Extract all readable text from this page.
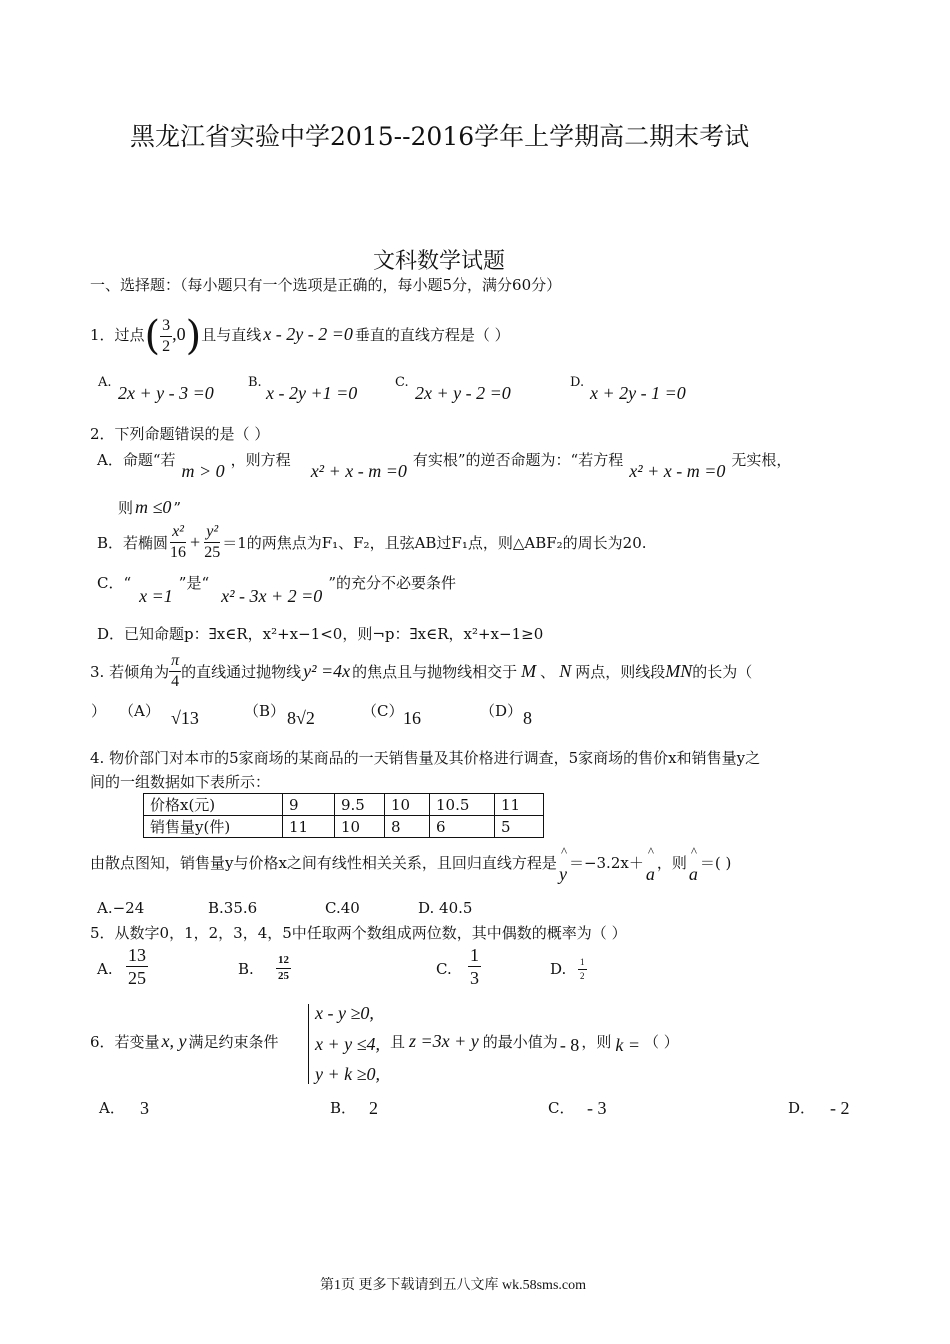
黑龙江省实验中学2015--2016学年上学期高二期末考试
文科数学试题
一、选择题：（每小题只有一个选项是正确的，每小题5分，满分60分）
1．过点( $\frac{3}{2} ,0$)且与直线 x - 2y - 2 =0 垂直的直线方程是（ ）
A.
2x + y - 3 =0
B.
x - 2y +1 =0
C.
2x + y - 2 =0
D.
x + 2y - 1 =0
2．下列命题错误的是（ ）
A．命题“若m > 0，则方程x² + x - m =0有实根”的逆否命题为：“若方程x² + x - m =0无实根，
则 m ≤0 ”
B．若椭圆 $\frac{\text{x²}}{16} + \frac{\text{y²}}{25} =1$的两焦点为F₁、F₂，且弦AB过F₁点，则△ABF₂的周长为20.
C．“x =1”是“x² - 3x + 2 =0”的充分不必要条件
D．已知命题p：∃x∈R，x²+x−1<0，则¬p：∃x∈R，x²+x−1≥0
3. 若倾角为 $\frac{\pi}{4}$ 的直线通过抛物线 y² =4x 的焦点且与抛物线相交于 M 、 N 两点，则线段MN的长为（
） （A） √13	（B） 8√2	（C） 16	（D） 8
4. 物价部门对本市的5家商场的某商品的一天销售量及其价格进行调查，5家商场的售价x和销售量y之
间的一组数据如下表所示：
价格x(元)	9	9.5	10	10.5	11
销售量y(件)	11	10	8	6	5
由散点图知，销售量y与价格x之间有线性相关关系，且回归直线方程是
^
y＝−3.2x＋
^
a，则
^
a＝( )
A.−24	B.35.6	C.40	D. 40.5
5．从数字0，1，2，3，4，5中任取两个数组成两位数，其中偶数的概率为（ ）
A. $\frac{13}{25}$	B. $\frac{12}{25}$	C. $\frac{1}{3}$	D. $\frac{1}{2}$
x - y ≥0,
x + y ≤4,
y + k ≥0,
6．若变量 x, y 满足约束条件	且 z =3x + y 的最小值为 - 8 ，则 k = （ ）
A． 3	B． 2	C． - 3	D． - 2
第1页 更多下载请到五八文库 wk.58sms.com
